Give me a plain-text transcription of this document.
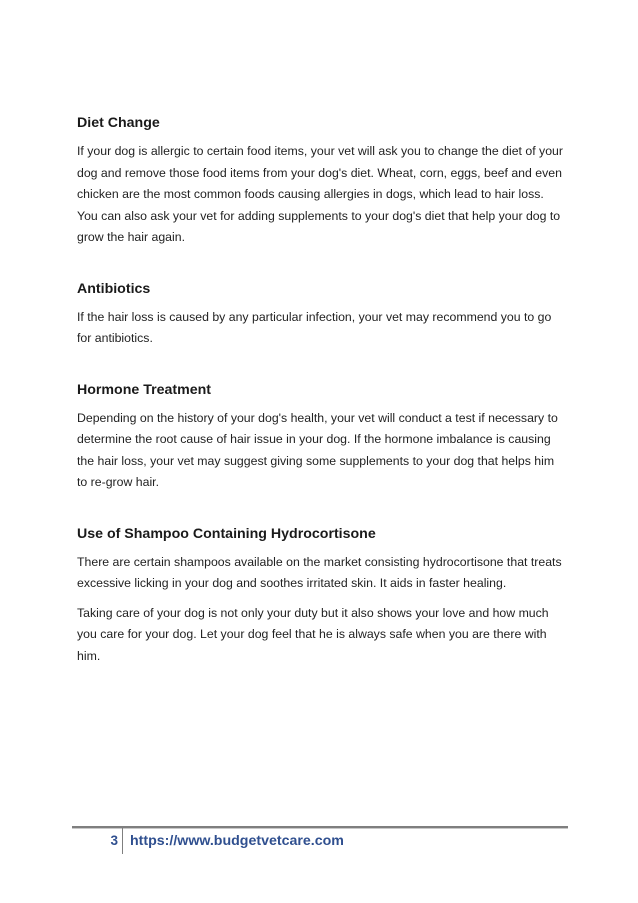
Diet Change

If your dog is allergic to certain food items, your vet will ask you to change the diet of your dog and remove those food items from your dog's diet. Wheat, corn, eggs, beef and even chicken are the most common foods causing allergies in dogs, which lead to hair loss. You can also ask your vet for adding supplements to your dog's diet that help your dog to grow the hair again.

Antibiotics

If the hair loss is caused by any particular infection, your vet may recommend you to go for antibiotics.

Hormone Treatment

Depending on the history of your dog's health, your vet will conduct a test if necessary to determine the root cause of hair issue in your dog. If the hormone imbalance is causing the hair loss, your vet may suggest giving some supplements to your dog that helps him to re-grow hair.

Use of Shampoo Containing Hydrocortisone

There are certain shampoos available on the market consisting hydrocortisone that treats excessive licking in your dog and soothes irritated skin. It aids in faster healing.

Taking care of your dog is not only your duty but it also shows your love and how much you care for your dog. Let your dog feel that he is always safe when you are there with him.

3 https://www.budgetvetcare.com
